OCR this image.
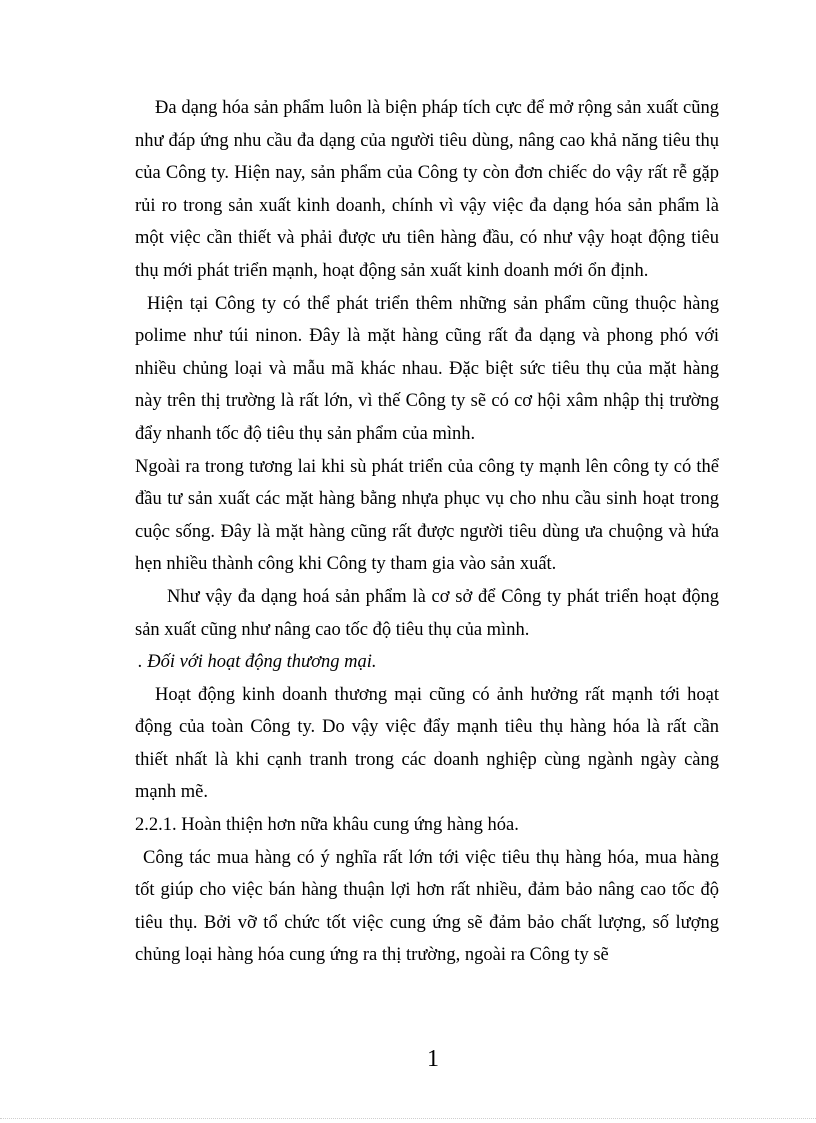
Đa dạng hóa sản phẩm luôn là biện pháp tích cực để mở rộng sản xuất cũng như đáp ứng nhu cầu đa dạng của người tiêu dùng, nâng cao khả năng tiêu thụ của Công ty. Hiện nay, sản phẩm của Công ty còn đơn chiếc do vậy rất rễ gặp rủi ro trong sản xuất kinh doanh, chính vì vậy việc đa dạng hóa sản phẩm là một việc cần thiết và phải được ưu tiên hàng đầu, có như vậy hoạt động tiêu thụ mới phát triển mạnh, hoạt động sản xuất kinh doanh mới ổn định.

Hiện tại Công ty có thể phát triển thêm những sản phẩm cũng thuộc hàng polime như túi ninon. Đây là mặt hàng cũng rất đa dạng và phong phó với nhiều chủng loại và mẫu mã khác nhau. Đặc biệt sức tiêu thụ của mặt hàng này trên thị trường là rất lớn, vì thế Công ty sẽ có cơ hội xâm nhập thị trường đẩy nhanh tốc độ tiêu thụ sản phẩm của mình.

Ngoài ra trong tương lai khi sù phát triển của công ty mạnh lên công ty có thể đầu tư sản xuất các mặt hàng bằng nhựa phục vụ cho nhu cầu sinh hoạt trong cuộc sống. Đây là mặt hàng cũng rất được người tiêu dùng ưa chuộng và hứa hẹn nhiều thành công khi Công ty tham gia vào sản xuất.

Như vậy đa dạng hoá sản phẩm là cơ sở để Công ty phát triển hoạt động sản xuất cũng như nâng cao tốc độ tiêu thụ của mình.

. Đối với hoạt động thương mại.

Hoạt động kinh doanh thương mại cũng có ảnh hưởng rất mạnh tới hoạt động của toàn Công ty. Do vậy việc đẩy mạnh tiêu thụ hàng hóa là rất cần thiết nhất là khi cạnh tranh trong các doanh nghiệp cùng ngành ngày càng mạnh mẽ.

2.2.1. Hoàn thiện hơn nữa khâu cung ứng hàng hóa.

Công tác mua hàng có ý nghĩa rất lớn tới việc tiêu thụ hàng hóa, mua hàng tốt giúp cho việc bán hàng thuận lợi hơn rất nhiều, đảm bảo nâng cao tốc độ tiêu thụ. Bởi vỡ tổ chức tốt việc cung ứng sẽ đảm bảo chất lượng, số lượng chủng loại hàng hóa cung ứng ra thị trường, ngoài ra Công ty sẽ

1
